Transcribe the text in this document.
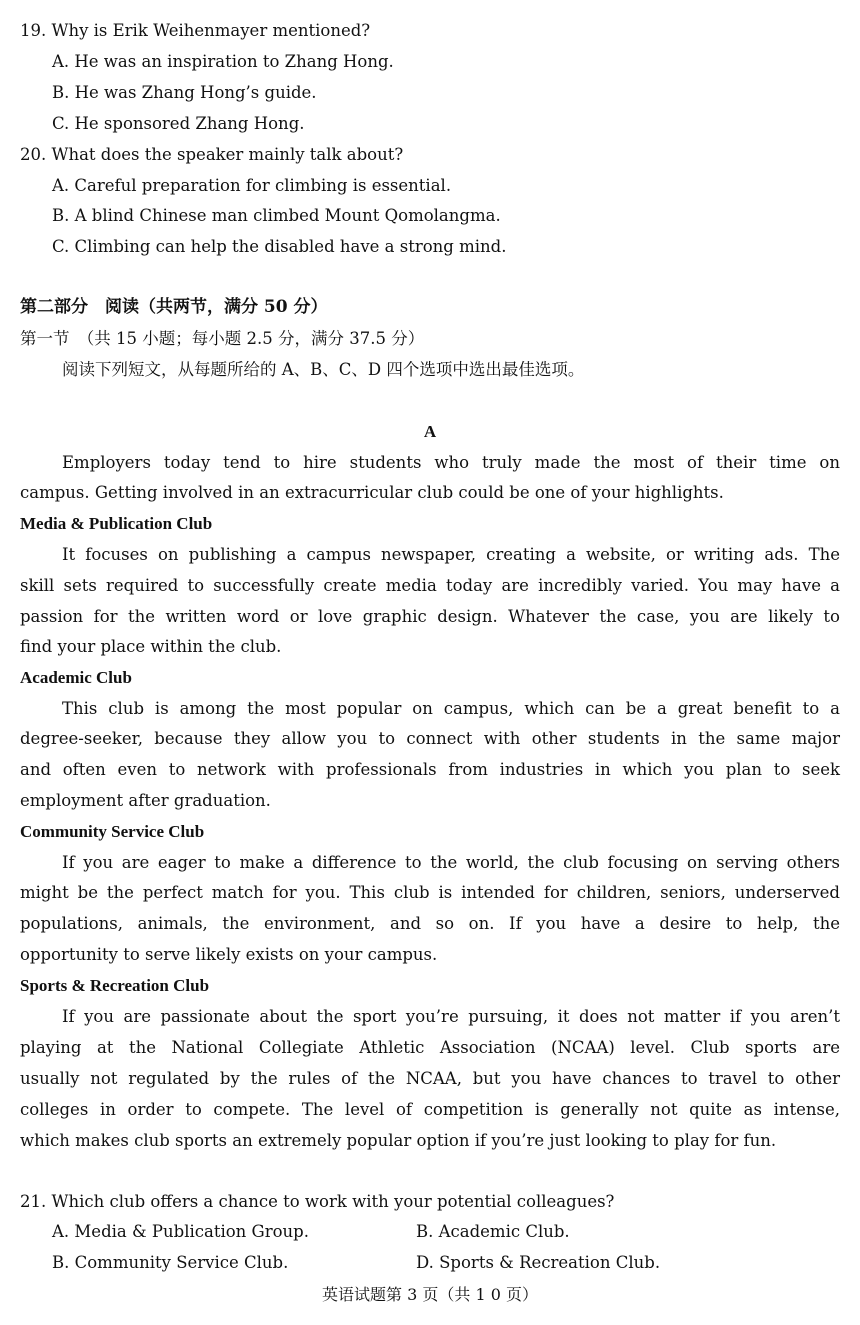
19. Why is Erik Weihenmayer mentioned?
A. He was an inspiration to Zhang Hong.
B. He was Zhang Hong’s guide.
C. He sponsored Zhang Hong.
20. What does the speaker mainly talk about?
A. Careful preparation for climbing is essential.
B. A blind Chinese man climbed Mount Qomolangma.
C. Climbing can help the disabled have a strong mind.
第二部分　阅读（共两节，满分 50 分）
第一节　（共 15 小题；每小题 2.5 分，满分 37.5 分）
阅读下列短文，从每题所给的 A、B、C、D 四个选项中选出最佳选项。
A
Employers today tend to hire students who truly made the most of their time on
campus. Getting involved in an extracurricular club could be one of your highlights.
Media & Publication Club
It focuses on publishing a campus newspaper, creating a website, or writing ads. The
skill sets required to successfully create media today are incredibly varied. You may have a
passion for the written word or love graphic design. Whatever the case, you are likely to
find your place within the club.
Academic Club
This club is among the most popular on campus, which can be a great benefit to a
degree-seeker, because they allow you to connect with other students in the same major
and often even to network with professionals from industries in which you plan to seek
employment after graduation.
Community Service Club
If you are eager to make a difference to the world, the club focusing on serving others
might be the perfect match for you. This club is intended for children, seniors, underserved
populations, animals, the environment, and so on. If you have a desire to help, the
opportunity to serve likely exists on your campus.
Sports & Recreation Club
If you are passionate about the sport you’re pursuing, it does not matter if you aren’t
playing at the National Collegiate Athletic Association (NCAA) level. Club sports are
usually not regulated by the rules of the NCAA, but you have chances to travel to other
colleges in order to compete. The level of competition is generally not quite as intense,
which makes club sports an extremely popular option if you’re just looking to play for fun.
21. Which club offers a chance to work with your potential colleagues?
A. Media & Publication Group.	B. Academic Club.
B. Community Service Club.	D. Sports & Recreation Club.
英语试题第 3 页（共 1 0 页）
